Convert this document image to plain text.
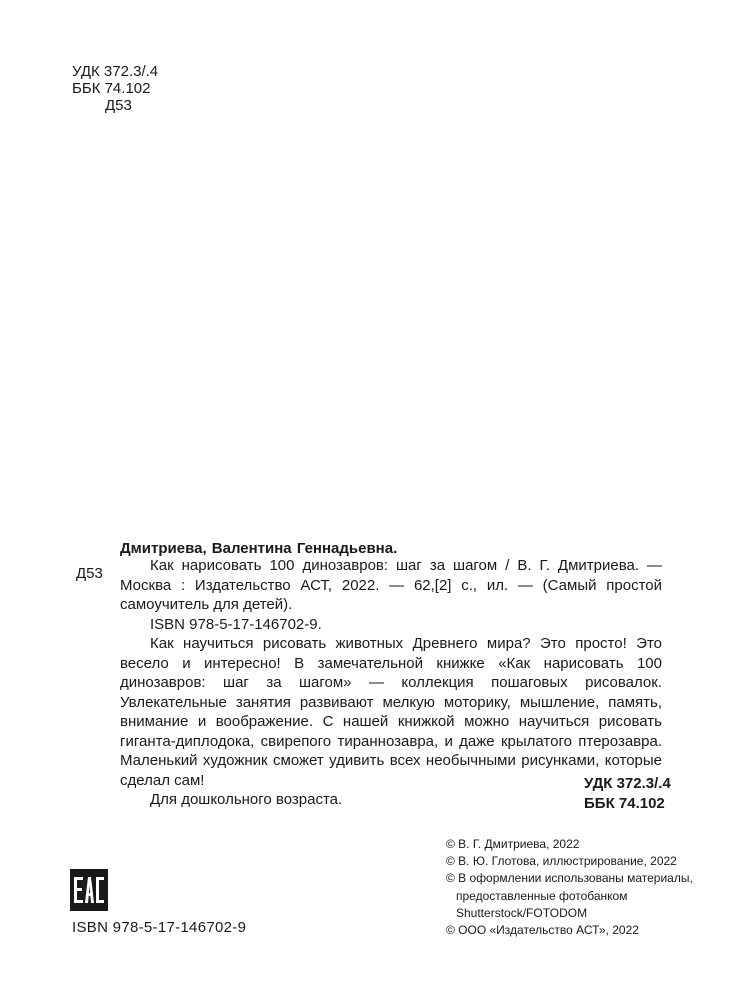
УДК 372.3/.4
ББК 74.102
Д53
Дмитриева, Валентина Геннадьевна.
Д53	Как нарисовать 100 динозавров: шаг за шагом / В. Г. Дмитриева. — Москва : Издательство АСТ, 2022. — 62,[2] с., ил. — (Самый простой самоучитель для детей).

ISBN 978-5-17-146702-9.

Как научиться рисовать животных Древнего мира? Это просто! Это весело и интересно! В замечательной книжке «Как нарисовать 100 динозавров: шаг за шагом» — коллекция пошаговых рисовалок. Увлекательные занятия развивают мелкую моторику, мышление, память, внимание и воображение. С нашей книжкой можно научиться рисовать гиганта-диплодока, свирепого тираннозавра, и даже крылатого птерозавра. Маленький художник сможет удивить всех необычными рисунками, которые сделал сам!

Для дошкольного возраста.

УДК 372.3/.4
ББК 74.102
ISBN 978-5-17-146702-9
© В. Г. Дмитриева, 2022
© В. Ю. Глотова, иллюстрирование, 2022
© В оформлении использованы материалы,
предоставленные фотобанком
Shutterstock/FOTODOM
© ООО «Издательство АСТ», 2022
